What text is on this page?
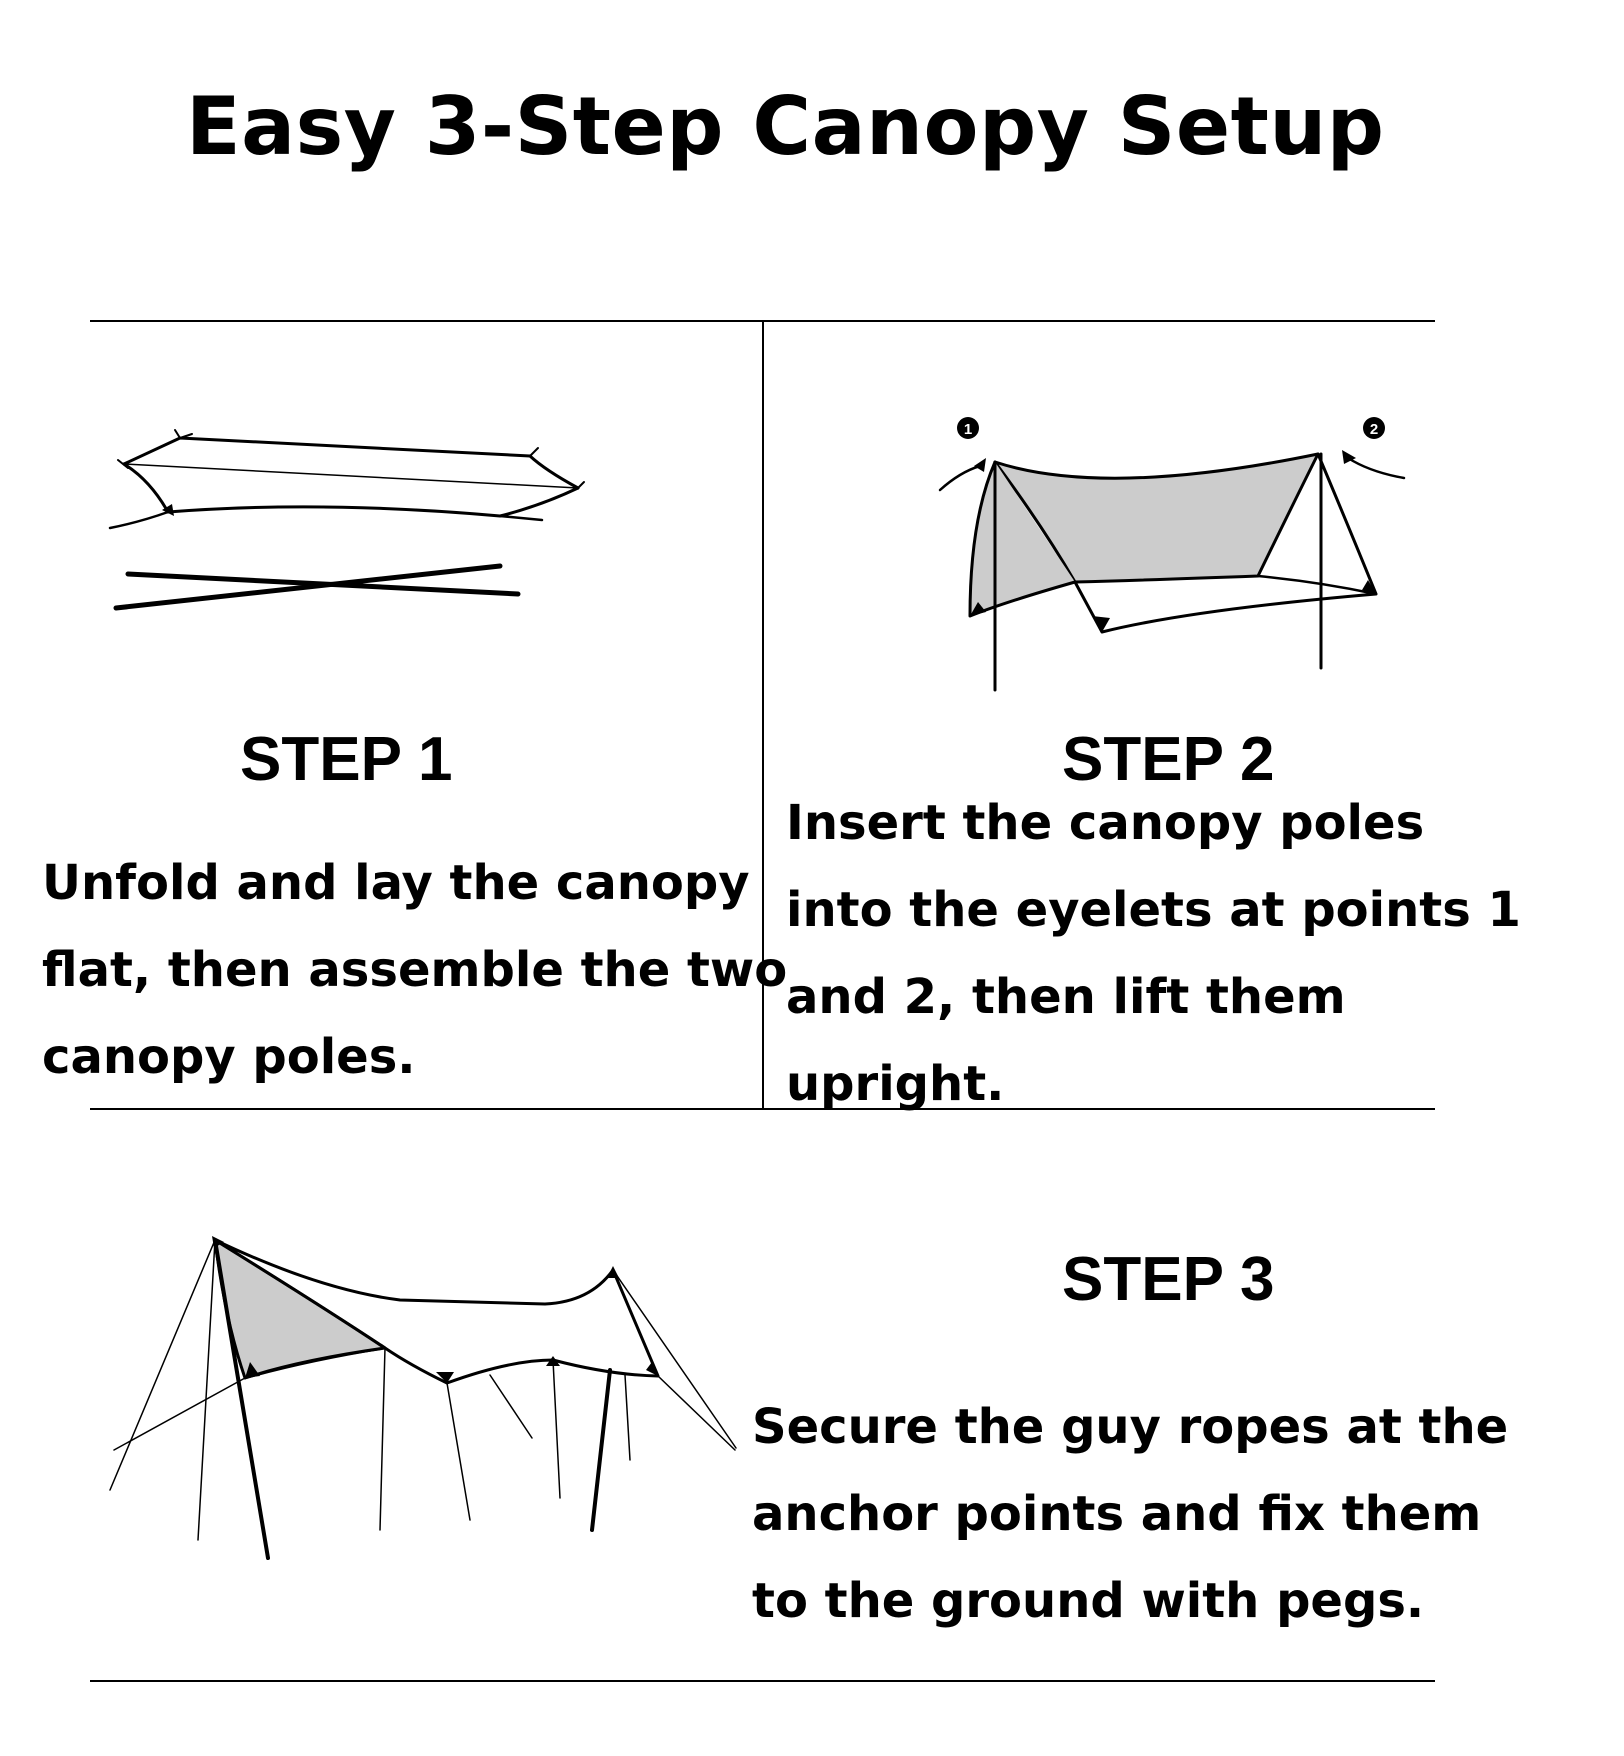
Easy 3-Step Canopy Setup
1	2
STEP 1
Unfold and lay the canopy
flat, then assemble the two
canopy poles.
STEP 2
Insert the canopy poles
into the eyelets at points 1
and 2, then lift them
upright.
STEP 3
Secure the guy ropes at the
anchor points and fix them
to the ground with pegs.
